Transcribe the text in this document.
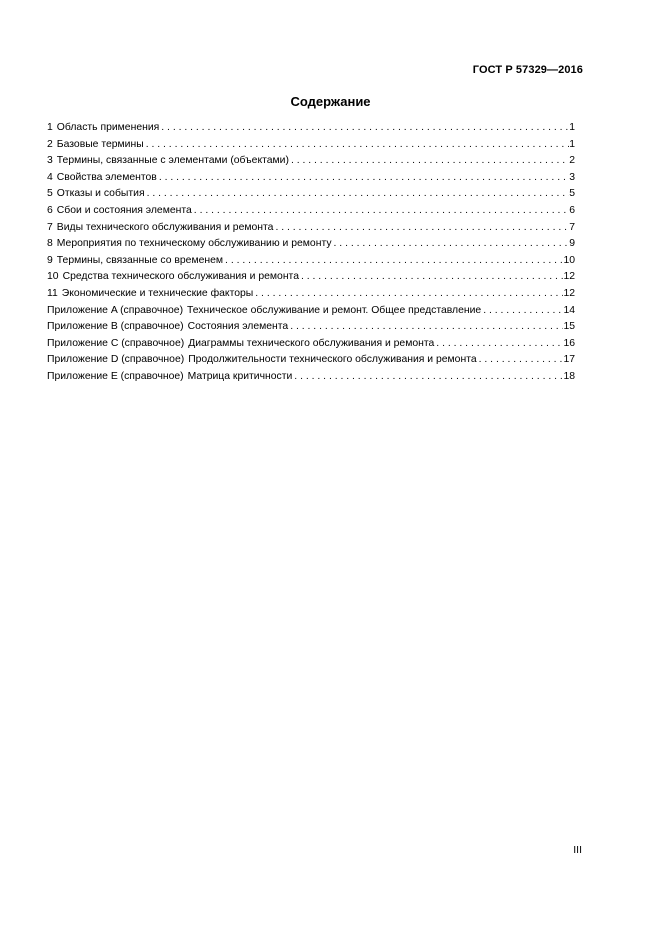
ГОСТ Р 57329—2016
Содержание
1 Область применения . . .	1
2 Базовые термины . . .	1
3 Термины, связанные с элементами (объектами) . . .	2
4 Свойства элементов . . .	3
5 Отказы и события . . .	5
6 Сбои и состояния элемента . . .	6
7 Виды технического обслуживания и ремонта . . .	7
8 Мероприятия по техническому обслуживанию и ремонту . . .	9
9 Термины, связанные со временем . . .	10
10 Средства технического обслуживания и ремонта . . .	12
11 Экономические и технические факторы . . .	12
Приложение A (справочное) Техническое обслуживание и ремонт. Общее представление . . .	14
Приложение B (справочное) Состояния элемента . . .	15
Приложение C (справочное) Диаграммы технического обслуживания и ремонта . . .	16
Приложение D (справочное) Продолжительности технического обслуживания и ремонта . . .	17
Приложение E (справочное) Матрица критичности . . .	18
III
